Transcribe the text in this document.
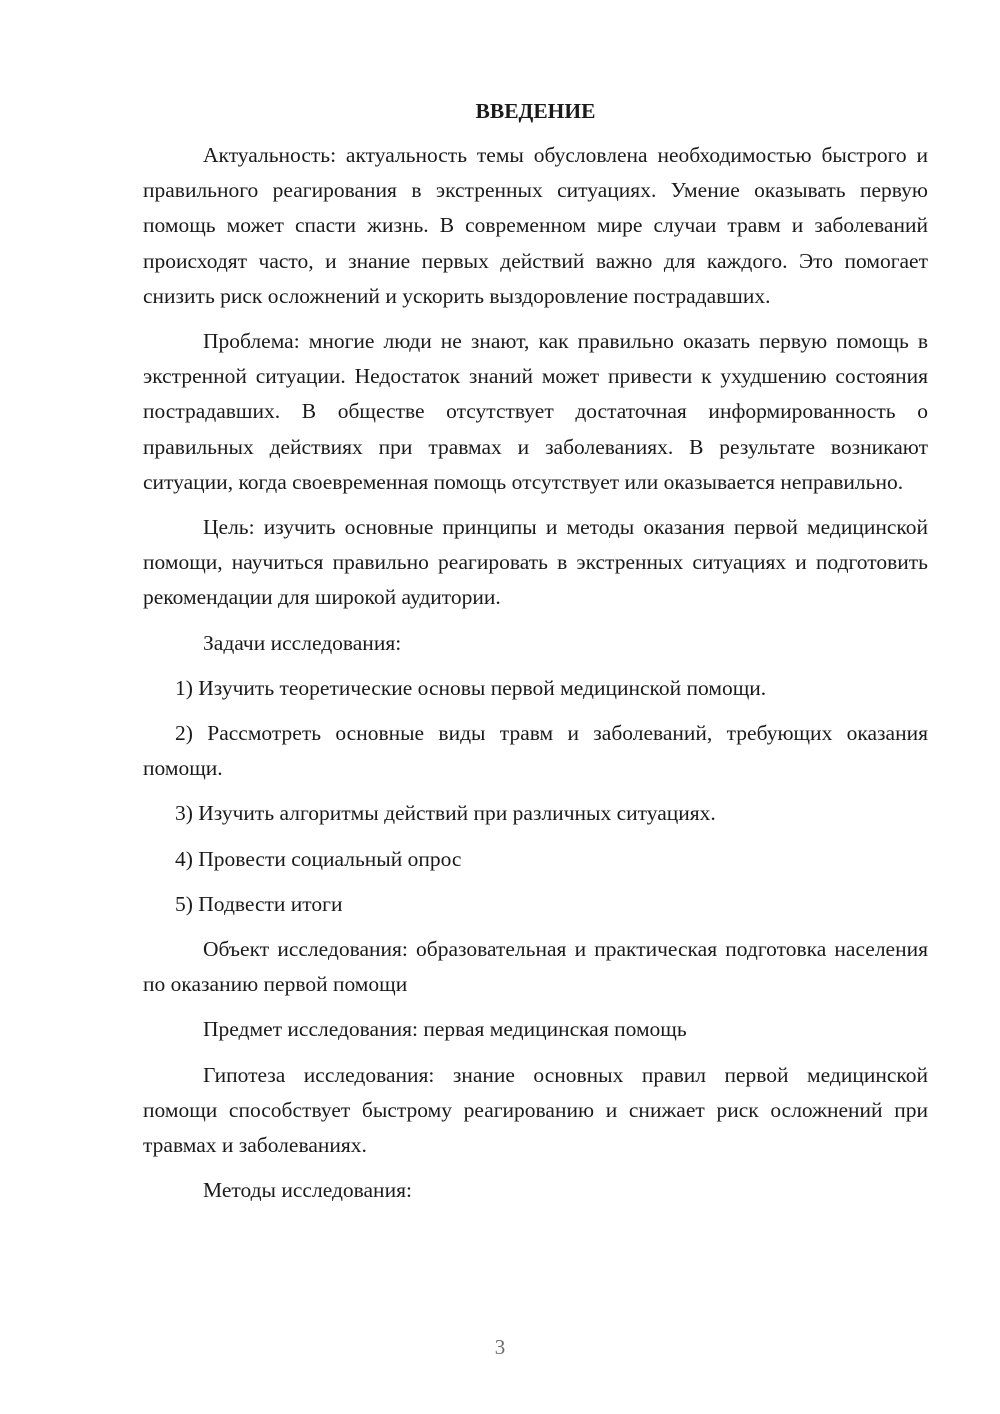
ВВЕДЕНИЕ

Актуальность: актуальность темы обусловлена необходимостью быстрого и правильного реагирования в экстренных ситуациях. Умение оказывать первую помощь может спасти жизнь. В современном мире случаи травм и заболеваний происходят часто, и знание первых действий важно для каждого. Это помогает снизить риск осложнений и ускорить выздоровление пострадавших.

Проблема: многие люди не знают, как правильно оказать первую помощь в экстренной ситуации. Недостаток знаний может привести к ухудшению состояния пострадавших. В обществе отсутствует достаточная информированность о правильных действиях при травмах и заболеваниях. В результате возникают ситуации, когда своевременная помощь отсутствует или оказывается неправильно.

Цель: изучить основные принципы и методы оказания первой медицинской помощи, научиться правильно реагировать в экстренных ситуациях и подготовить рекомендации для широкой аудитории.

Задачи исследования:

1) Изучить теоретические основы первой медицинской помощи.

2) Рассмотреть основные виды травм и заболеваний, требующих оказания помощи.

3) Изучить алгоритмы действий при различных ситуациях.

4) Провести социальный опрос

5) Подвести итоги

Объект исследования: образовательная и практическая подготовка населения по оказанию первой помощи

Предмет исследования: первая медицинская помощь

Гипотеза исследования: знание основных правил первой медицинской помощи способствует быстрому реагированию и снижает риск осложнений при травмах и заболеваниях.

Методы исследования:

3
